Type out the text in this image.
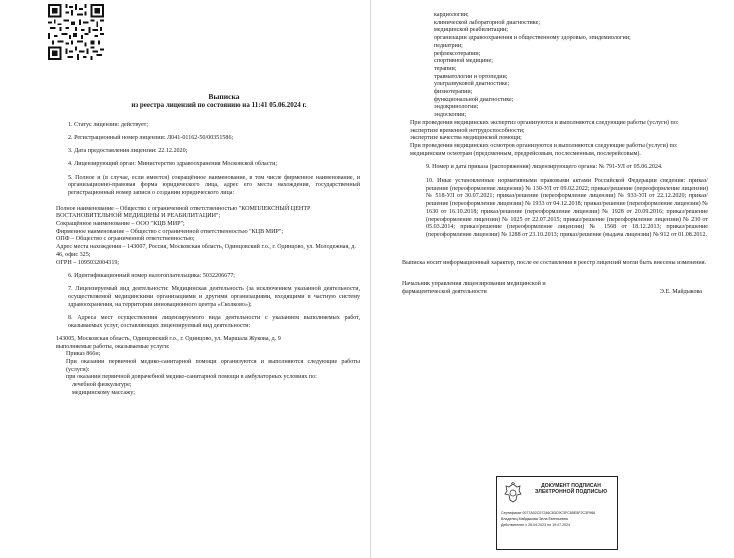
Выписка
из реестра лицензий по состоянию на 11:41 05.06.2024 г.
1. Статус лицензии: действует;
2. Регистрационный номер лицензии: Л041-01162-50/00351586;
3. Дата предоставления лицензии: 22.12.2020;
4. Лицензирующий орган: Министерство здравоохранения Московской области;
5. Полное и (в случае, если имеется) сокращённое наименование, в том числе фирменное наименование, и организационно-правовая форма юридического лица, адрес его места нахождения, государственный регистрационный номер записи о создании юридического лица:
Полное наименование – Общество с ограниченной ответственностью "КОМПЛЕКСНЫЙ ЦЕНТР ВОСТАНОВИТЕЛЬНОЙ МЕДИЦИНЫ И РЕАБИЛИТАЦИИ";
Сокращённое наименование – ООО "КЦВ МИР";
Фирменное наименование – Общество с ограниченной ответственностью "КЦВ МИР";
ОПФ – Общество с ограниченной ответственностью;
Адрес места нахождения – 143007, Россия, Московская область, Одинцовский г.о., г. Одинцово, ул. Молодежная, д. 46, офис 325;
ОГРН – 1095032004319;
6. Идентификационный номер налогоплательщика: 5032206677;
7. Лицензируемый вид деятельности: Медицинская деятельность (за исключением указанной деятельности, осуществляемой медицинскими организациями и другими организациями, входящими в частную систему здравоохранения, на территории инновационного центра «Сколково»);
8. Адреса мест осуществления лицензируемого вида деятельности с указанием выполняемых работ, оказываемых услуг, составляющих лицензируемый вид деятельности:
143005, Московская область, Одинцовский г.о., г. Одинцово, ул. Маршала Жукова, д. 9
выполняемые работы, оказываемые услуги:
Приказ 866н;
При оказании первичной медико-санитарной помощи организуются и выполняются следующие работы (услуги):
при оказании первичной доврачебной медико-санитарной помощи в амбулаторных условиях по:
лечебной физкультуре;
медицинскому массажу;
кардиологии;
клинической лабораторной диагностике;
медицинской реабилитации;
организации здравоохранения и общественному здоровью, эпидемиологии;
педиатрии;
рефлексотерапии;
спортивной медицине;
терапии;
травматологии и ортопедии;
ультразвуковой диагностике;
физиотерапии;
функциональной диагностике;
эндокринологии;
эндоскопии;
При проведении медицинских экспертиз организуются и выполняются следующие работы (услуги) по:
экспертизе временной нетрудоспособности;
экспертизе качества медицинской помощи;
При проведении медицинских осмотров организуются и выполняются следующие работы (услуги) по:
медицинским осмотрам (предсменным, предрейсовым, послесменным, послерейсовым).
9. Номер и дата приказа (распоряжения) лицензирующего органа: № 791-УЛ от 05.06.2024.
10. Иные установленные нормативными правовыми актами Российской Федерации сведения: приказ/решение (переоформление лицензии) № 130-УЛ от 09.02.2022; приказ/решение (переоформление лицензии) № 518-УЛ от 30.07.2021; приказ/решение (переоформление лицензии) № 933-УЛ от 22.12.2020; приказ/решение (переоформление лицензии) № 1933 от 04.12.2018; приказ/решение (переоформление лицензии) № 1630 от 16.10.2018; приказ/решение (переоформление лицензии) № 1928 от 20.09.2016; приказ/решение (переоформление лицензии) № 1025 от 22.07.2015; приказ/решение (переоформление лицензии) № 230 от 05.03.2014; приказ/решение (переоформление лицензии) № 1568 от 18.12.2013; приказ/решение (переоформление лицензии) № 1288 от 23.10.2013; приказ/решение (выдача лицензии) № 912 от 01.08.2012.
Выписка носит информационный характер, после ее составления в реестр лицензий могли быть внесены изменения.
Начальник управления лицензирования медицинской и фармацевтической деятельности	Э.Е. Майдыкова
ДОКУМЕНТ ПОДПИСАН ЭЛЕКТРОННОЙ ПОДПИСЬЮ
Сертификат 0077A02C57246C83C9C3FC65E5F2C3F966
Владелец Майдыкова Элла Евгеньевна
Действителен с 26.04.2023 по 19.07.2024
